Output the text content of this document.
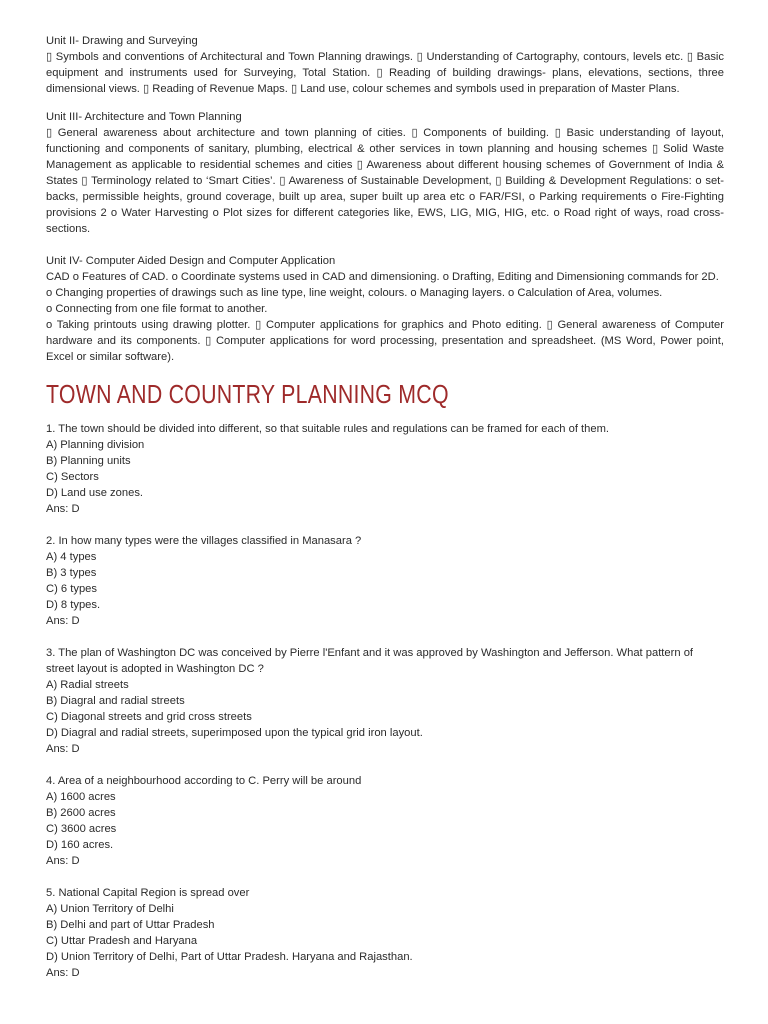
Unit II- Drawing and Surveying

▯ Symbols and conventions of Architectural and Town Planning drawings. ▯ Understanding of Cartography, contours, levels etc. ▯ Basic equipment and instruments used for Surveying, Total Station. ▯ Reading of building drawings- plans, elevations, sections, three dimensional views. ▯ Reading of Revenue Maps. ▯ Land use, colour schemes and symbols used in preparation of Master Plans.

Unit III- Architecture and Town Planning

▯ General awareness about architecture and town planning of cities. ▯ Components of building. ▯ Basic understanding of layout, functioning and components of sanitary, plumbing, electrical & other services in town planning and housing schemes ▯ Solid Waste Management as applicable to residential schemes and cities ▯ Awareness about different housing schemes of Government of India & States ▯ Terminology related to ‘Smart Cities’. ▯ Awareness of Sustainable Development, ▯ Building & Development Regulations: o set-backs, permissible heights, ground coverage, built up area, super built up area etc o FAR/FSI, o Parking requirements o Fire-Fighting provisions 2 o Water Harvesting o Plot sizes for different categories like, EWS, LIG, MIG, HIG, etc. o Road right of ways, road cross-sections.

Unit IV- Computer Aided Design and Computer Application

CAD o Features of CAD. o Coordinate systems used in CAD and dimensioning. o Drafting, Editing and Dimensioning commands for 2D.

o Changing properties of drawings such as line type, line weight, colours. o Managing layers. o Calculation of Area, volumes.

o Connecting from one file format to another.

o Taking printouts using drawing plotter. ▯ Computer applications for graphics and Photo editing. ▯ General awareness of Computer hardware and its components. ▯ Computer applications for word processing, presentation and spreadsheet. (MS Word, Power point, Excel or similar software).

TOWN AND COUNTRY PLANNING MCQ
1. The town should be divided into different, so that suitable rules and regulations can be framed for each of them.
A) Planning division
B) Planning units
C) Sectors
D) Land use zones.
Ans: D
2. In how many types were the villages classified in Manasara ?
A) 4 types
B) 3 types
C) 6 types
D) 8 types.
Ans: D
3. The plan of Washington DC was conceived by Pierre l'Enfant and it was approved by Washington and Jefferson. What pattern of street layout is adopted in Washington DC ?
A) Radial streets
B) Diagral and radial streets
C) Diagonal streets and grid cross streets
D) Diagral and radial streets, superimposed upon the typical grid iron layout.
Ans: D
4. Area of a neighbourhood according to C. Perry will be around
A) 1600 acres
B) 2600 acres
C) 3600 acres
D) 160 acres.
Ans: D
5. National Capital Region is spread over
A) Union Territory of Delhi
B) Delhi and part of Uttar Pradesh
C) Uttar Pradesh and Haryana
D) Union Territory of Delhi, Part of Uttar Pradesh. Haryana and Rajasthan.
Ans: D
